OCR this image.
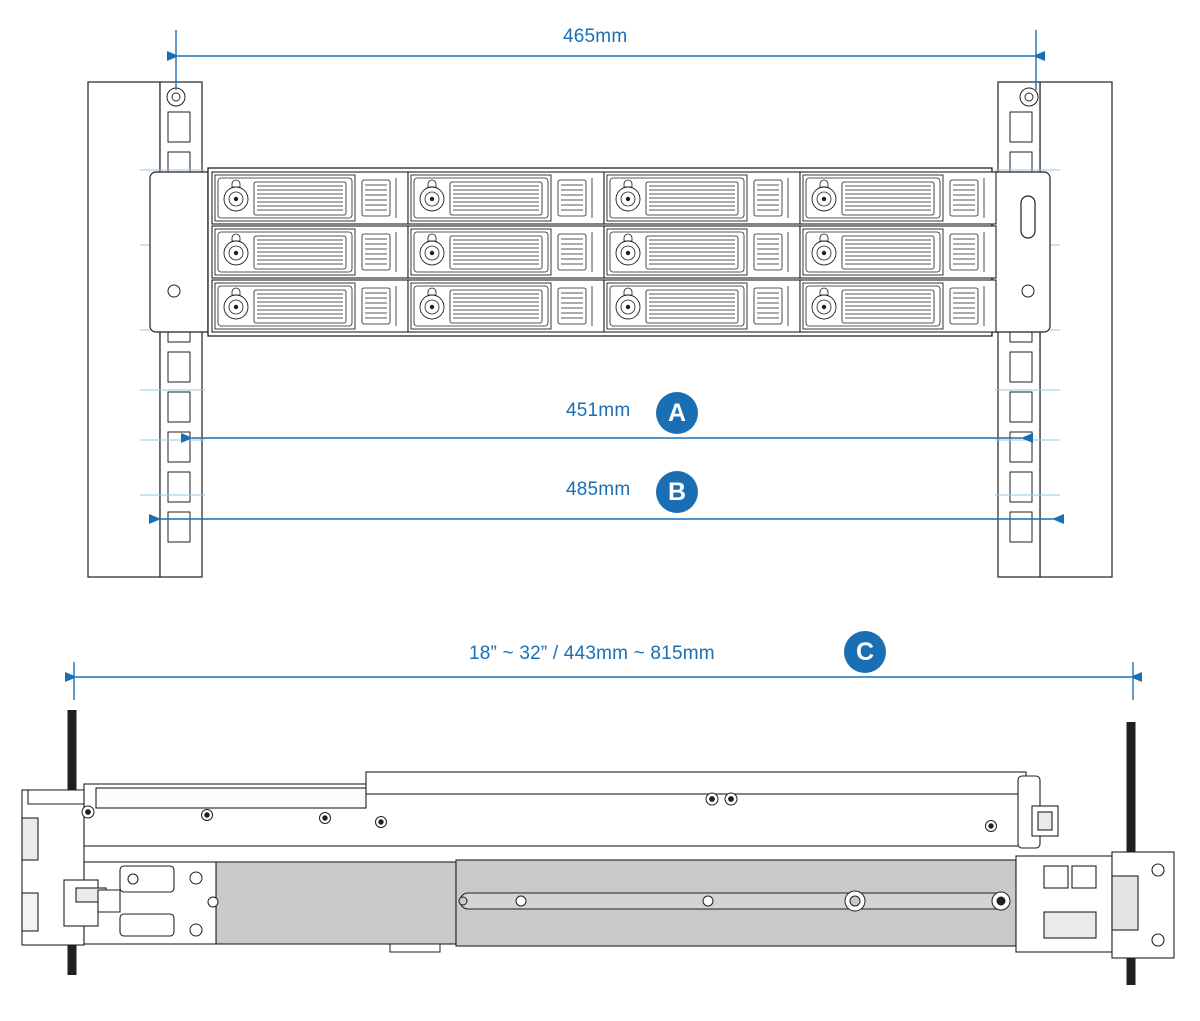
465mm
451mm	A
485mm	B
18” ~ 32” / 443mm ~ 815mm	C
